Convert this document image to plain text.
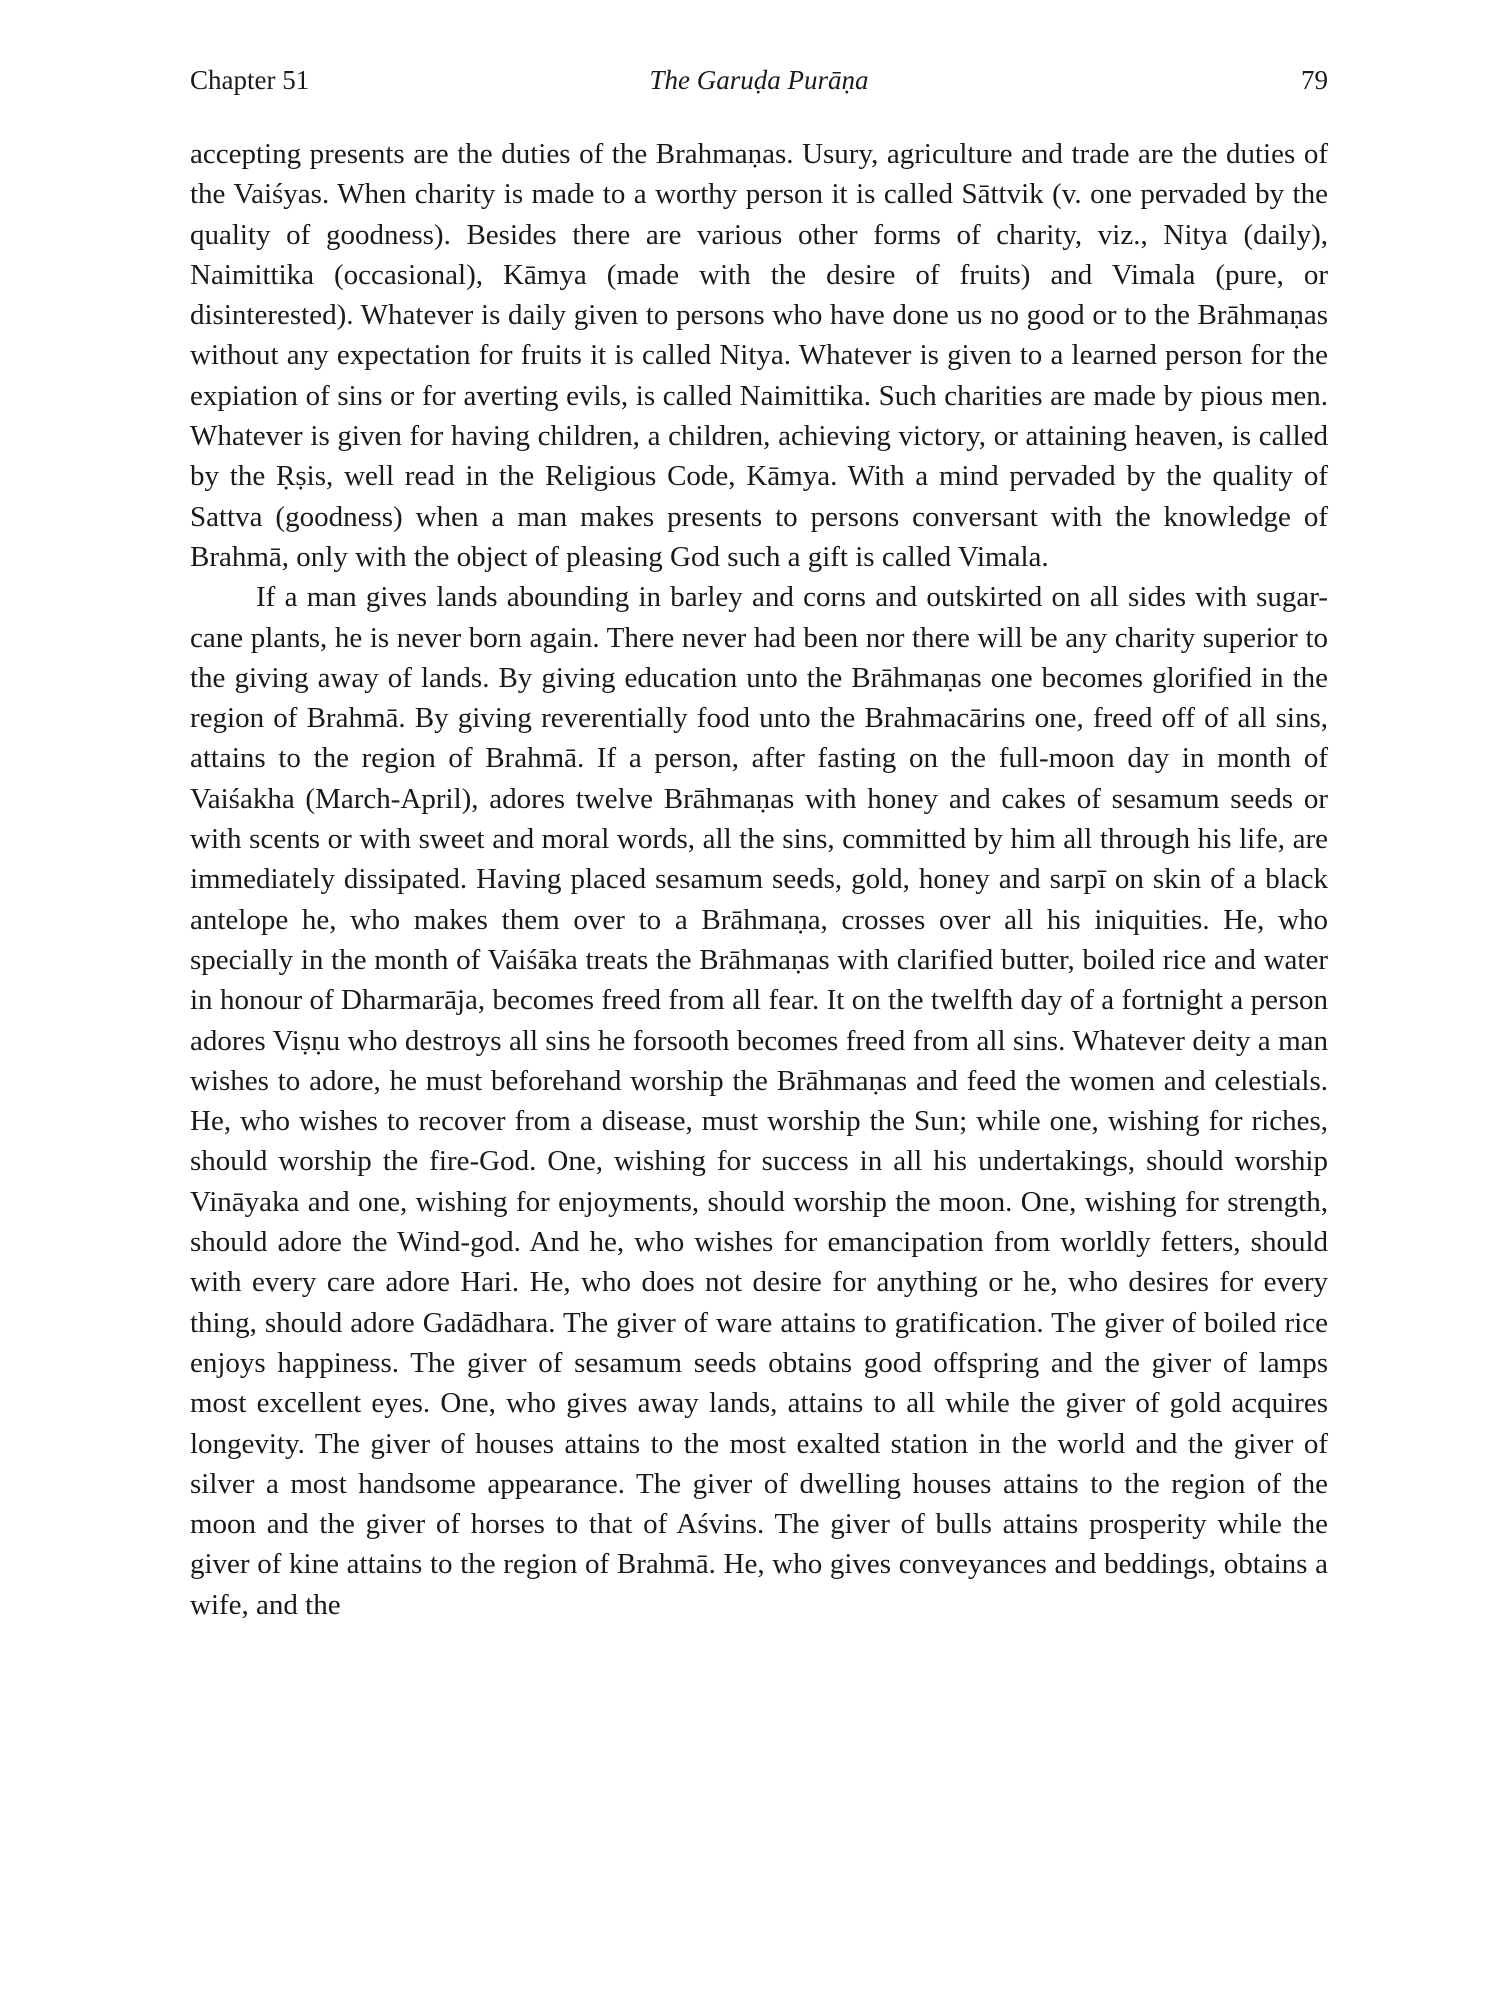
Chapter 51	The Garuḍa Purāṇa	79

accepting presents are the duties of the Brahmaṇas. Usury, agriculture and trade are the duties of the Vaiśyas. When charity is made to a worthy person it is called Sāttvik (v. one pervaded by the quality of goodness). Besides there are various other forms of charity, viz., Nitya (daily), Naimittika (occasional), Kāmya (made with the desire of fruits) and Vimala (pure, or disinterested). Whatever is daily given to persons who have done us no good or to the Brāhmaṇas without any expectation for fruits it is called Nitya. Whatever is given to a learned person for the expiation of sins or for averting evils, is called Naimittika. Such charities are made by pious men. Whatever is given for having children, a children, achieving victory, or attaining heaven, is called by the Ṛṣis, well read in the Religious Code, Kāmya. With a mind pervaded by the quality of Sattva (goodness) when a man makes presents to persons conversant with the knowledge of Brahmā, only with the object of pleasing God such a gift is called Vimala.

If a man gives lands abounding in barley and corns and outskirted on all sides with sugar-cane plants, he is never born again. There never had been nor there will be any charity superior to the giving away of lands. By giving education unto the Brāhmaṇas one becomes glorified in the region of Brahmā. By giving reverentially food unto the Brahmacārins one, freed off of all sins, attains to the region of Brahmā. If a person, after fasting on the full-moon day in month of Vaiśakha (March-April), adores twelve Brāhmaṇas with honey and cakes of sesamum seeds or with scents or with sweet and moral words, all the sins, committed by him all through his life, are immediately dissipated. Having placed sesamum seeds, gold, honey and sarpī on skin of a black antelope he, who makes them over to a Brāhmaṇa, crosses over all his iniquities. He, who specially in the month of Vaiśāka treats the Brāhmaṇas with clarified butter, boiled rice and water in honour of Dharmarāja, becomes freed from all fear. It on the twelfth day of a fortnight a person adores Viṣṇu who destroys all sins he forsooth becomes freed from all sins. Whatever deity a man wishes to adore, he must beforehand worship the Brāhmaṇas and feed the women and celestials. He, who wishes to recover from a disease, must worship the Sun; while one, wishing for riches, should worship the fire-God. One, wishing for success in all his undertakings, should worship Vināyaka and one, wishing for enjoyments, should worship the moon. One, wishing for strength, should adore the Wind-god. And he, who wishes for emancipation from worldly fetters, should with every care adore Hari. He, who does not desire for anything or he, who desires for every thing, should adore Gadādhara. The giver of ware attains to gratification. The giver of boiled rice enjoys happiness. The giver of sesamum seeds obtains good offspring and the giver of lamps most excellent eyes. One, who gives away lands, attains to all while the giver of gold acquires longevity. The giver of houses attains to the most exalted station in the world and the giver of silver a most handsome appearance. The giver of dwelling houses attains to the region of the moon and the giver of horses to that of Aśvins. The giver of bulls attains prosperity while the giver of kine attains to the region of Brahmā. He, who gives conveyances and beddings, obtains a wife, and the
